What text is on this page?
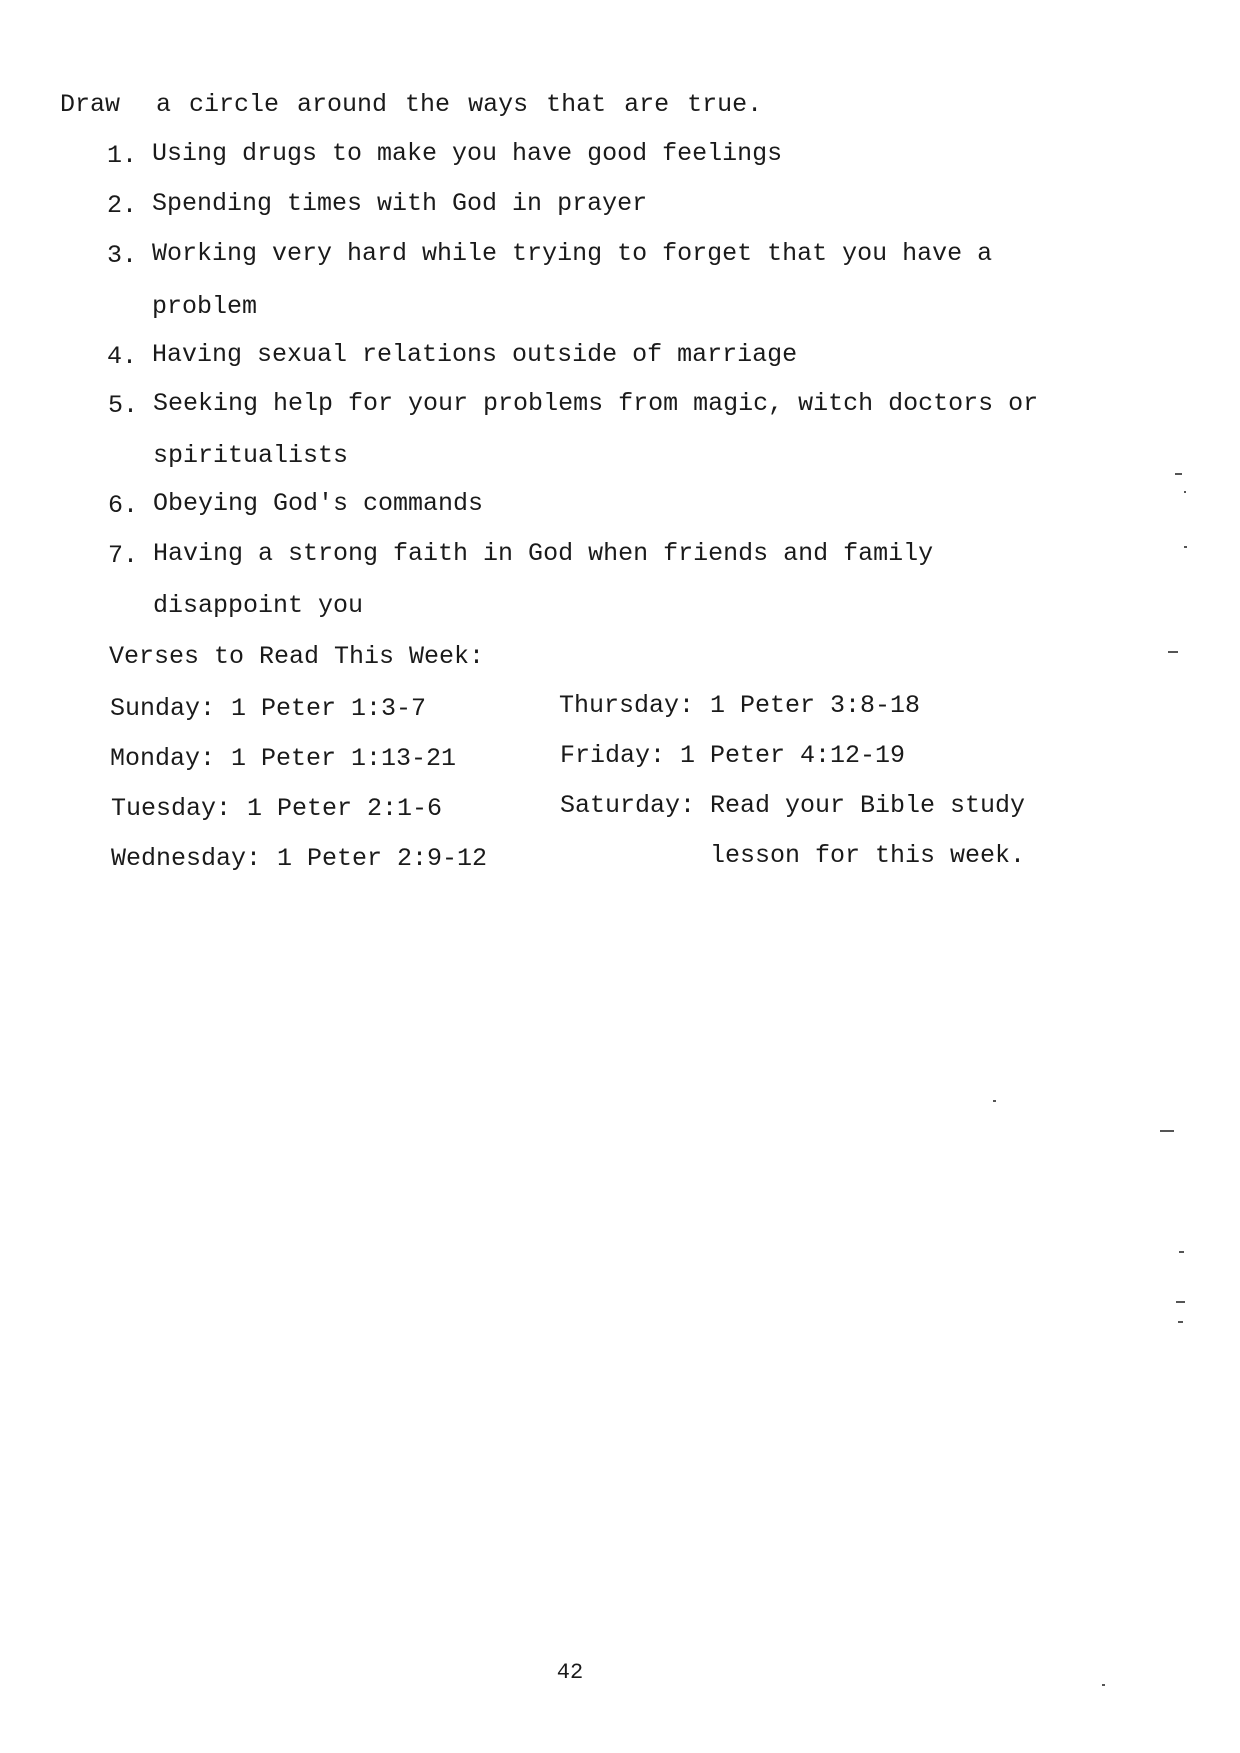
Draw  a circle around the ways that are true.
1. Using drugs to make you have good feelings
2. Spending times with God in prayer
3. Working very hard while trying to forget that you have a
problem
4. Having sexual relations outside of marriage
5. Seeking help for your problems from magic, witch doctors or
spiritualists
6. Obeying God's commands
7. Having a strong faith in God when friends and family
disappoint you
Verses to Read This Week:
Sunday: 1 Peter 1:3-7
Monday: 1 Peter 1:13-21
Tuesday: 1 Peter 2:1-6
Wednesday: 1 Peter 2:9-12
Thursday: 1 Peter 3:8-18
Friday: 1 Peter 4:12-19
Saturday: Read your Bible study
lesson for this week.
42
